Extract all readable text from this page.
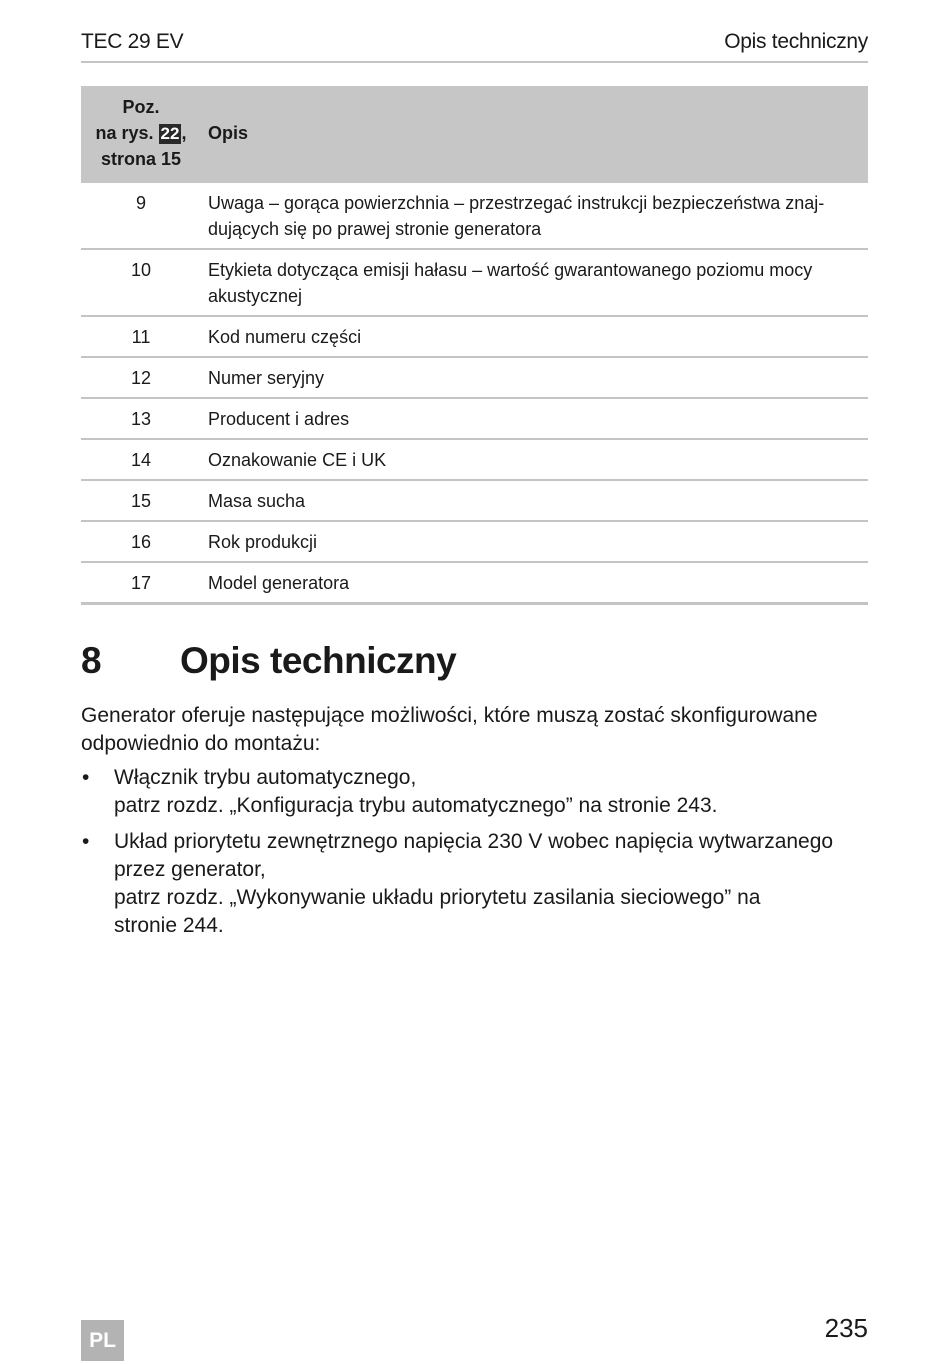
TEC 29 EV	Opis techniczny
Poz.
na rys. 22 ,
strona 15	Opis
9	Uwaga – gorąca powierzchnia – przestrzegać instrukcji bezpieczeństwa znaj-
dujących się po prawej stronie generatora

10	Etykieta dotycząca emisji hałasu – wartość gwarantowanego poziomu mocy
akustycznej

11	Kod numeru części

12	Numer seryjny

13	Producent i adres

14	Oznakowanie CE i UK

15	Masa sucha

16	Rok produkcji

17	Model generatora
8 Opis techniczny

Generator oferuje następujące możliwości, które muszą zostać skonfigurowane
odpowiednio do montażu:

• Włącznik trybu automatycznego,
patrz rozdz. „Konfiguracja trybu automatycznego” na stronie 243.
• Układ priorytetu zewnętrznego napięcia 230 V wobec napięcia wytwarzanego
przez generator,
patrz rozdz. „Wykonywanie układu priorytetu zasilania sieciowego” na
stronie 244.
PL	235
